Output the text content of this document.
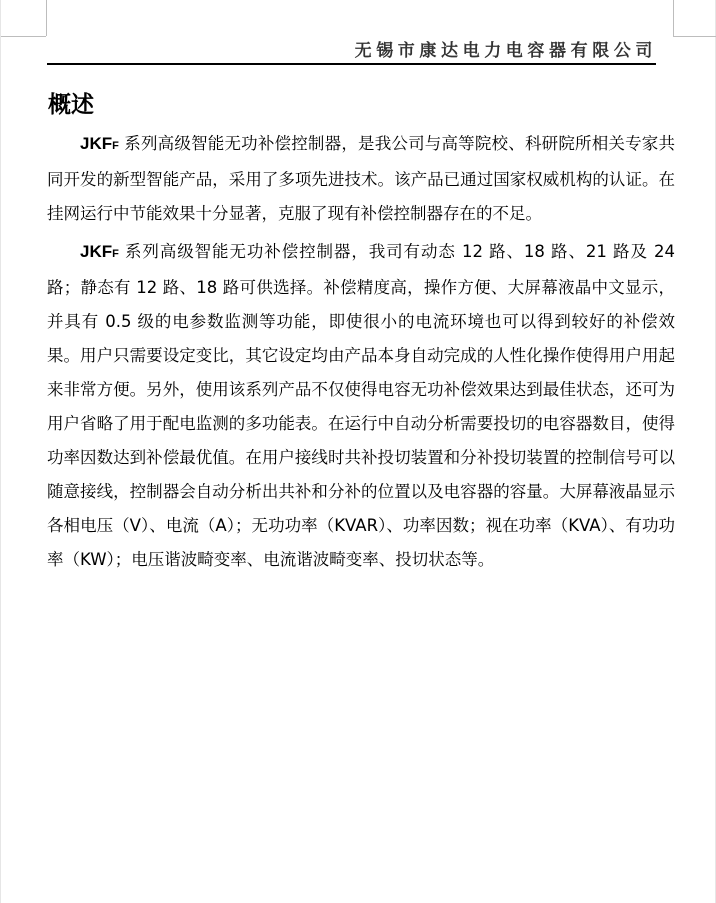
无锡市康达电力电容器有限公司
概述

JKFF 系列高级智能无功补偿控制器，是我公司与高等院校、科研院所相关专家共同开发的新型智能产品，采用了多项先进技术。该产品已通过国家权威机构的认证。在挂网运行中节能效果十分显著，克服了现有补偿控制器存在的不足。

JKFF 系列高级智能无功补偿控制器，我司有动态 12 路、18 路、21 路及 24 路；静态有 12 路、18 路可供选择。补偿精度高，操作方便、大屏幕液晶中文显示，并具有 0.5 级的电参数监测等功能，即使很小的电流环境也可以得到较好的补偿效果。用户只需要设定变比，其它设定均由产品本身自动完成的人性化操作使得用户用起来非常方便。另外，使用该系列产品不仅使得电容无功补偿效果达到最佳状态，还可为用户省略了用于配电监测的多功能表。在运行中自动分析需要投切的电容器数目，使得功率因数达到补偿最优值。在用户接线时共补投切装置和分补投切装置的控制信号可以随意接线，控制器会自动分析出共补和分补的位置以及电容器的容量。大屏幕液晶显示各相电压（V）、电流（A）；无功功率（KVAR）、功率因数；视在功率（KVA）、有功功率（KW）；电压谐波畸变率、电流谐波畸变率、投切状态等。
